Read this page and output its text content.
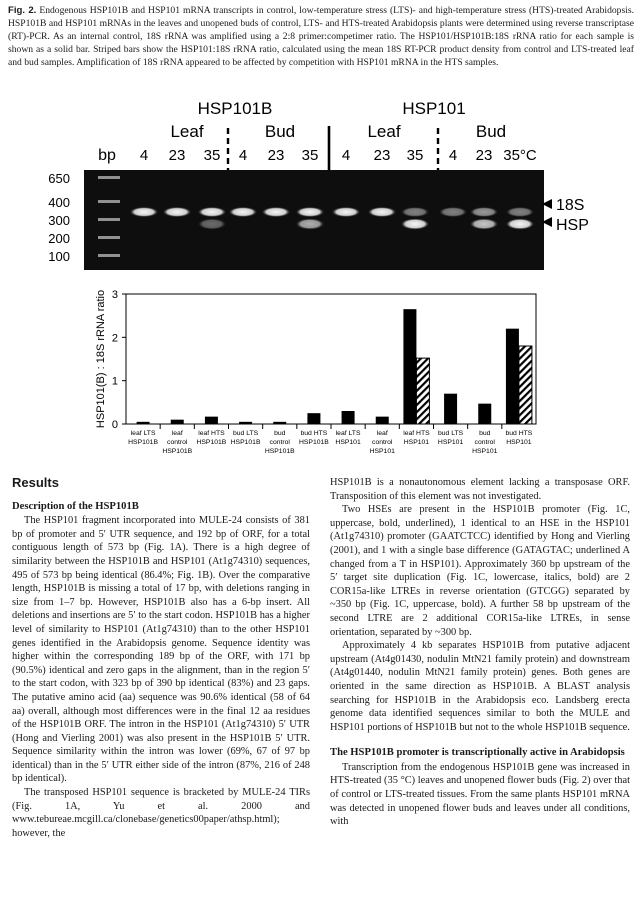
Fig. 2. Endogenous HSP101B and HSP101 mRNA transcripts in control, low-temperature stress (LTS)- and high-temperature stress (HTS)-treated Arabidopsis. HSP101B and HSP101 mRNAs in the leaves and unopened buds of control, LTS- and HTS-treated Arabidopsis plants were determined using reverse transcriptase (RT)-PCR. As an internal control, 18S rRNA was amplified using a 2:8 primer:competimer ratio. The HSP101/HSP101B:18S rRNA ratio for each sample is shown as a solid bar. Striped bars show the HSP101:18S rRNA ratio, calculated using the mean 18S RT-PCR product density from control and LTS-treated leaf and bud samples. Amplification of 18S rRNA appeared to be affected by competition with HSP101 mRNA in the HTS samples.
HSP101B	HSP101
Leaf	Bud	Leaf	Bud
bp 4 23 35 4 23 35 4 23 35 4 23 35°C
650
400
300
200
100
18S
HSP
0
1
2
3
HSP101(B) : 18S rRNA ratio
leaf LTS HSP101B
leaf control HSP101B
leaf HTS HSP101B
bud LTS HSP101B
bud control HSP101B
bud HTS HSP101B
leaf LTS HSP101
leaf control HSP101
leaf HTS HSP101
bud LTS HSP101
bud control HSP101
bud HTS HSP101
Results
Description of the HSP101B

The HSP101 fragment incorporated into MULE-24 consists of 381 bp of promoter and 5′ UTR sequence, and 192 bp of ORF, for a total contiguous length of 573 bp (Fig. 1A). There is a high degree of similarity between the HSP101B and HSP101 (At1g74310) sequences, 495 of 573 bp being identical (86.4%; Fig. 1B). Over the comparative length, HSP101B is missing a total of 17 bp, with deletions ranging in size from 1–7 bp. However, HSP101B also has a 6-bp insert. All deletions and insertions are 5′ to the start codon. HSP101B has a higher level of similarity to HSP101 (At1g74310) than to the other HSP101 genes identified in the Arabidopsis genome. Sequence identity was higher within the corresponding 189 bp of the ORF, with 171 bp (90.5%) identical and zero gaps in the alignment, than in the region 5′ to the start codon, with 323 bp of 390 bp identical (83%) and 23 gaps. The putative amino acid (aa) sequence was 90.6% identical (58 of 64 aa) overall, although most differences were in the final 12 aa residues of the HSP101B ORF. The intron in the HSP101 (At1g74310) 5′ UTR (Hong and Vierling 2001) was also present in the HSP101B 5′ UTR. Sequence similarity within the intron was lower (69%, 67 of 97 bp identical) than in the 5′ UTR either side of the intron (87%, 216 of 248 bp identical).

The transposed HSP101 sequence is bracketed by MULE-24 TIRs (Fig. 1A, Yu et al. 2000 and www.tebureae.mcgill.ca/clonebase/genetics00paper/athsp.html); however, the

HSP101B is a nonautonomous element lacking a transposase ORF. Transposition of this element was not investigated.

Two HSEs are present in the HSP101B promoter (Fig. 1C, uppercase, bold, underlined), 1 identical to an HSE in the HSP101 (At1g74310) promoter (GAATCTCC) identified by Hong and Vierling (2001), and 1 with a single base difference (GATAGTAC; underlined A changed from a T in HSP101). Approximately 360 bp upstream of the 5′ target site duplication (Fig. 1C, lowercase, italics, bold) are 2 COR15a-like LTREs in reverse orientation (GTCGG) separated by ~350 bp (Fig. 1C, uppercase, bold). A further 58 bp upstream of the second LTRE are 2 additional COR15a-like LTREs, in sense orientation, separated by ~300 bp.

Approximately 4 kb separates HSP101B from putative adjacent upstream (At4g01430, nodulin MtN21 family protein) and downstream (At4g01440, nodulin MtN21 family protein) genes. Both genes are oriented in the same direction as HSP101B. A BLAST analysis searching for HSP101B in the Arabidopsis eco. Landsberg erecta genome data identified sequences similar to both the MULE and HSP101 portions of HSP101B but not to the whole HSP101B sequence.

The HSP101B promoter is transcriptionally active in Arabidopsis

Transcription from the endogenous HSP101B gene was increased in HTS-treated (35 °C) leaves and unopened flower buds (Fig. 2) over that of control or LTS-treated tissues. From the same plants HSP101 mRNA was detected in unopened flower buds and leaves under all conditions, with
